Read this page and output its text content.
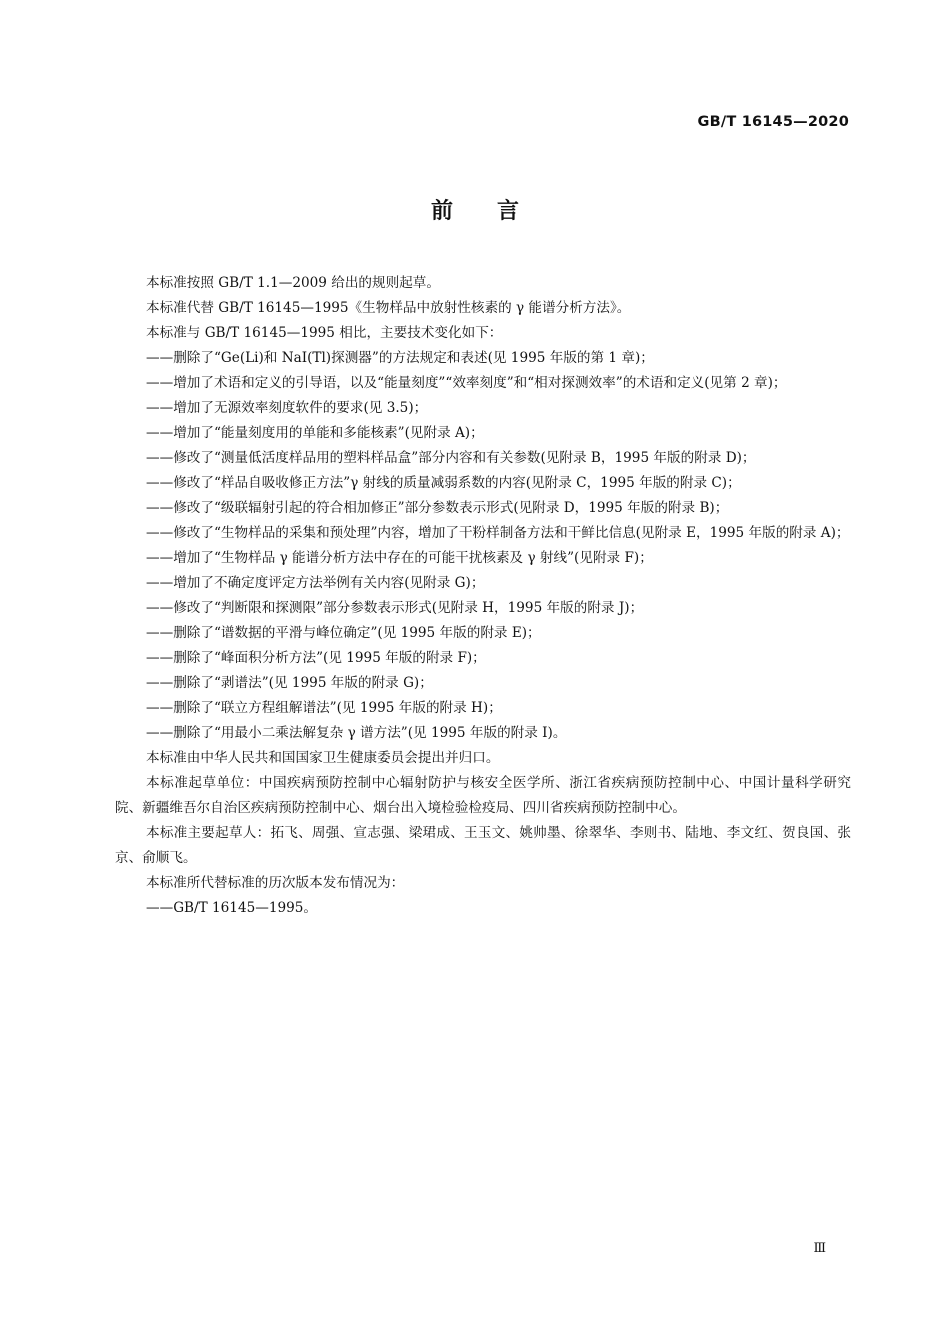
GB/T 16145—2020
前言

本标准按照 GB/T 1.1—2009 给出的规则起草。

本标准代替 GB/T 16145—1995《生物样品中放射性核素的 γ 能谱分析方法》。

本标准与 GB/T 16145—1995 相比，主要技术变化如下：

——删除了“Ge(Li)和 NaI(Tl)探测器”的方法规定和表述(见 1995 年版的第 1 章)；

——增加了术语和定义的引导语，以及“能量刻度”“效率刻度”和“相对探测效率”的术语和定义(见第 2 章)；

——增加了无源效率刻度软件的要求(见 3.5)；

——增加了“能量刻度用的单能和多能核素”(见附录 A)；

——修改了“测量低活度样品用的塑料样品盒”部分内容和有关参数(见附录 B，1995 年版的附录 D)；

——修改了“样品自吸收修正方法”γ 射线的质量减弱系数的内容(见附录 C，1995 年版的附录 C)；

——修改了“级联辐射引起的符合相加修正”部分参数表示形式(见附录 D，1995 年版的附录 B)；

——修改了“生物样品的采集和预处理”内容，增加了干粉样制备方法和干鲜比信息(见附录 E，1995 年版的附录 A)；

——增加了“生物样品 γ 能谱分析方法中存在的可能干扰核素及 γ 射线”(见附录 F)；

——增加了不确定度评定方法举例有关内容(见附录 G)；

——修改了“判断限和探测限”部分参数表示形式(见附录 H，1995 年版的附录 J)；

——删除了“谱数据的平滑与峰位确定”(见 1995 年版的附录 E)；

——删除了“峰面积分析方法”(见 1995 年版的附录 F)；

——删除了“剥谱法”(见 1995 年版的附录 G)；

——删除了“联立方程组解谱法”(见 1995 年版的附录 H)；

——删除了“用最小二乘法解复杂 γ 谱方法”(见 1995 年版的附录 I)。

本标准由中华人民共和国国家卫生健康委员会提出并归口。

本标准起草单位：中国疾病预防控制中心辐射防护与核安全医学所、浙江省疾病预防控制中心、中国计量科学研究院、新疆维吾尔自治区疾病预防控制中心、烟台出入境检验检疫局、四川省疾病预防控制中心。

本标准主要起草人：拓飞、周强、宣志强、梁珺成、王玉文、姚帅墨、徐翠华、李则书、陆地、李文红、贺良国、张京、俞顺飞。

本标准所代替标准的历次版本发布情况为：

——GB/T 16145—1995。

Ⅲ
